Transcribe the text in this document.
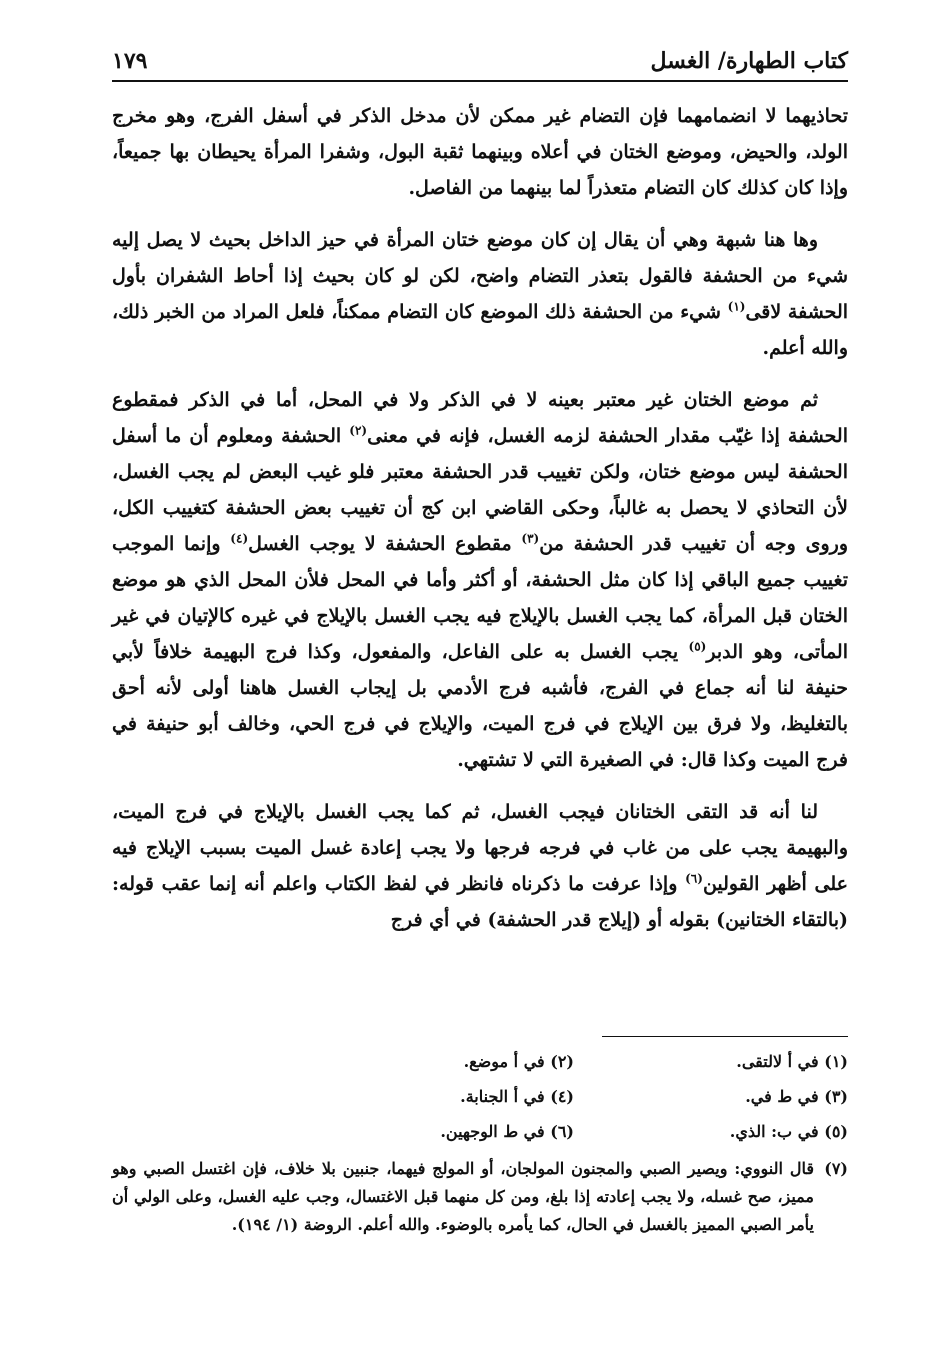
كتاب الطهارة/ الغسل
١٧٩

تحاذيهما لا انضمامهما فإن التضام غير ممكن لأن مدخل الذكر في أسفل الفرج، وهو مخرج الولد، والحيض، وموضع الختان في أعلاه وبينهما ثقبة البول، وشفرا المرأة يحيطان بها جميعاً، وإذا كان كذلك كان التضام متعذراً لما بينهما من الفاصل.

وها هنا شبهة وهي أن يقال إن كان موضع ختان المرأة في حيز الداخل بحيث لا يصل إليه شيء من الحشفة فالقول بتعذر التضام واضح، لكن لو كان بحيث إذا أحاط الشفران بأول الحشفة لاقى$^{(١)}$ شيء من الحشفة ذلك الموضع كان التضام ممكناً، فلعل المراد من الخبر ذلك، والله أعلم.

ثم موضع الختان غير معتبر بعينه لا في الذكر ولا في المحل، أما في الذكر فمقطوع الحشفة إذا غيّب مقدار الحشفة لزمه الغسل، فإنه في معنى$^{(٢)}$ الحشفة ومعلوم أن ما أسفل الحشفة ليس موضع ختان، ولكن تغييب قدر الحشفة معتبر فلو غيب البعض لم يجب الغسل، لأن التحاذي لا يحصل به غالباً، وحكى القاضي ابن كج أن تغييب بعض الحشفة كتغييب الكل، وروى وجه أن تغييب قدر الحشفة من$^{(٣)}$ مقطوع الحشفة لا يوجب الغسل$^{(٤)}$ وإنما الموجب تغييب جميع الباقي إذا كان مثل الحشفة، أو أكثر وأما في المحل فلأن المحل الذي هو موضع الختان قبل المرأة، كما يجب الغسل بالإيلاج فيه يجب الغسل بالإيلاج في غيره كالإتيان في غير المأتى، وهو الدبر$^{(٥)}$ يجب الغسل به على الفاعل، والمفعول، وكذا فرج البهيمة خلافاً لأبي حنيفة لنا أنه جماع في الفرج، فأشبه فرج الأدمي بل إيجاب الغسل هاهنا أولى لأنه أحق بالتغليظ، ولا فرق بين الإيلاج في فرج الميت، والإيلاج في فرج الحي، وخالف أبو حنيفة في فرج الميت وكذا قال: في الصغيرة التي لا تشتهي.

لنا أنه قد التقى الختانان فيجب الغسل، ثم كما يجب الغسل بالإيلاج في فرج الميت، والبهيمة يجب على من غاب في فرجه فرجها ولا يجب إعادة غسل الميت بسبب الإيلاج فيه على أظهر القولين$^{(٦)}$ وإذا عرفت ما ذكرناه فانظر في لفظ الكتاب واعلم أنه إنما عقب قوله: (بالتقاء الختانين) بقوله أو (إيلاج قدر الحشفة) في أي فرج

(١) في أ لالتقى.
(٢) في أ موضع.
(٣) في ط في.
(٤) في أ الجنابة.
(٥) في ب: الذي.
(٦) في ط الوجهين.
(٧)
قال النووي: ويصير الصبي والمجنون المولجان، أو المولج فيهما، جنبين بلا خلاف، فإن اغتسل الصبي وهو مميز، صح غسله، ولا يجب إعادته إذا بلغ، ومن كل منهما قبل الاغتسال، وجب عليه الغسل، وعلى الولي أن يأمر الصبي المميز بالغسل في الحال، كما يأمره بالوضوء. والله أعلم. الروضة (١/ ١٩٤).
